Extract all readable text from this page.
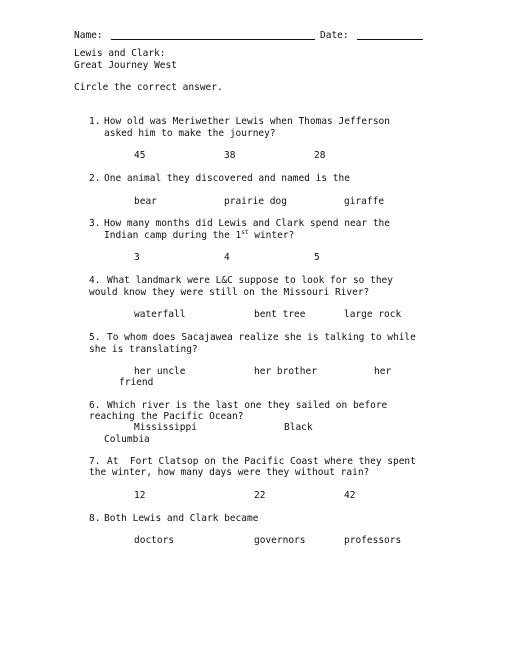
Name:	Date:
Lewis and Clark:
Great Journey West
Circle the correct answer.
1. How old was Meriwether Lewis when Thomas Jefferson
asked him to make the journey?
45	38	28
2. One animal they discovered and named is the
bear	prairie dog	giraffe
3. How many months did Lewis and Clark spend near the
Indian camp during the 1st winter?
3	4	5
4. What landmark were L&C suppose to look for so they
would know they were still on the Missouri River?
waterfall	bent tree	large rock
5. To whom does Sacajawea realize she is talking to while
she is translating?
her uncle	her brother	her
friend
6. Which river is the last one they sailed on before
reaching the Pacific Ocean?
Mississippi	Black
Columbia
7. At  Fort Clatsop on the Pacific Coast where they spent
the winter, how many days were they without rain?
12	22	42
8. Both Lewis and Clark became
doctors	governors	professors
